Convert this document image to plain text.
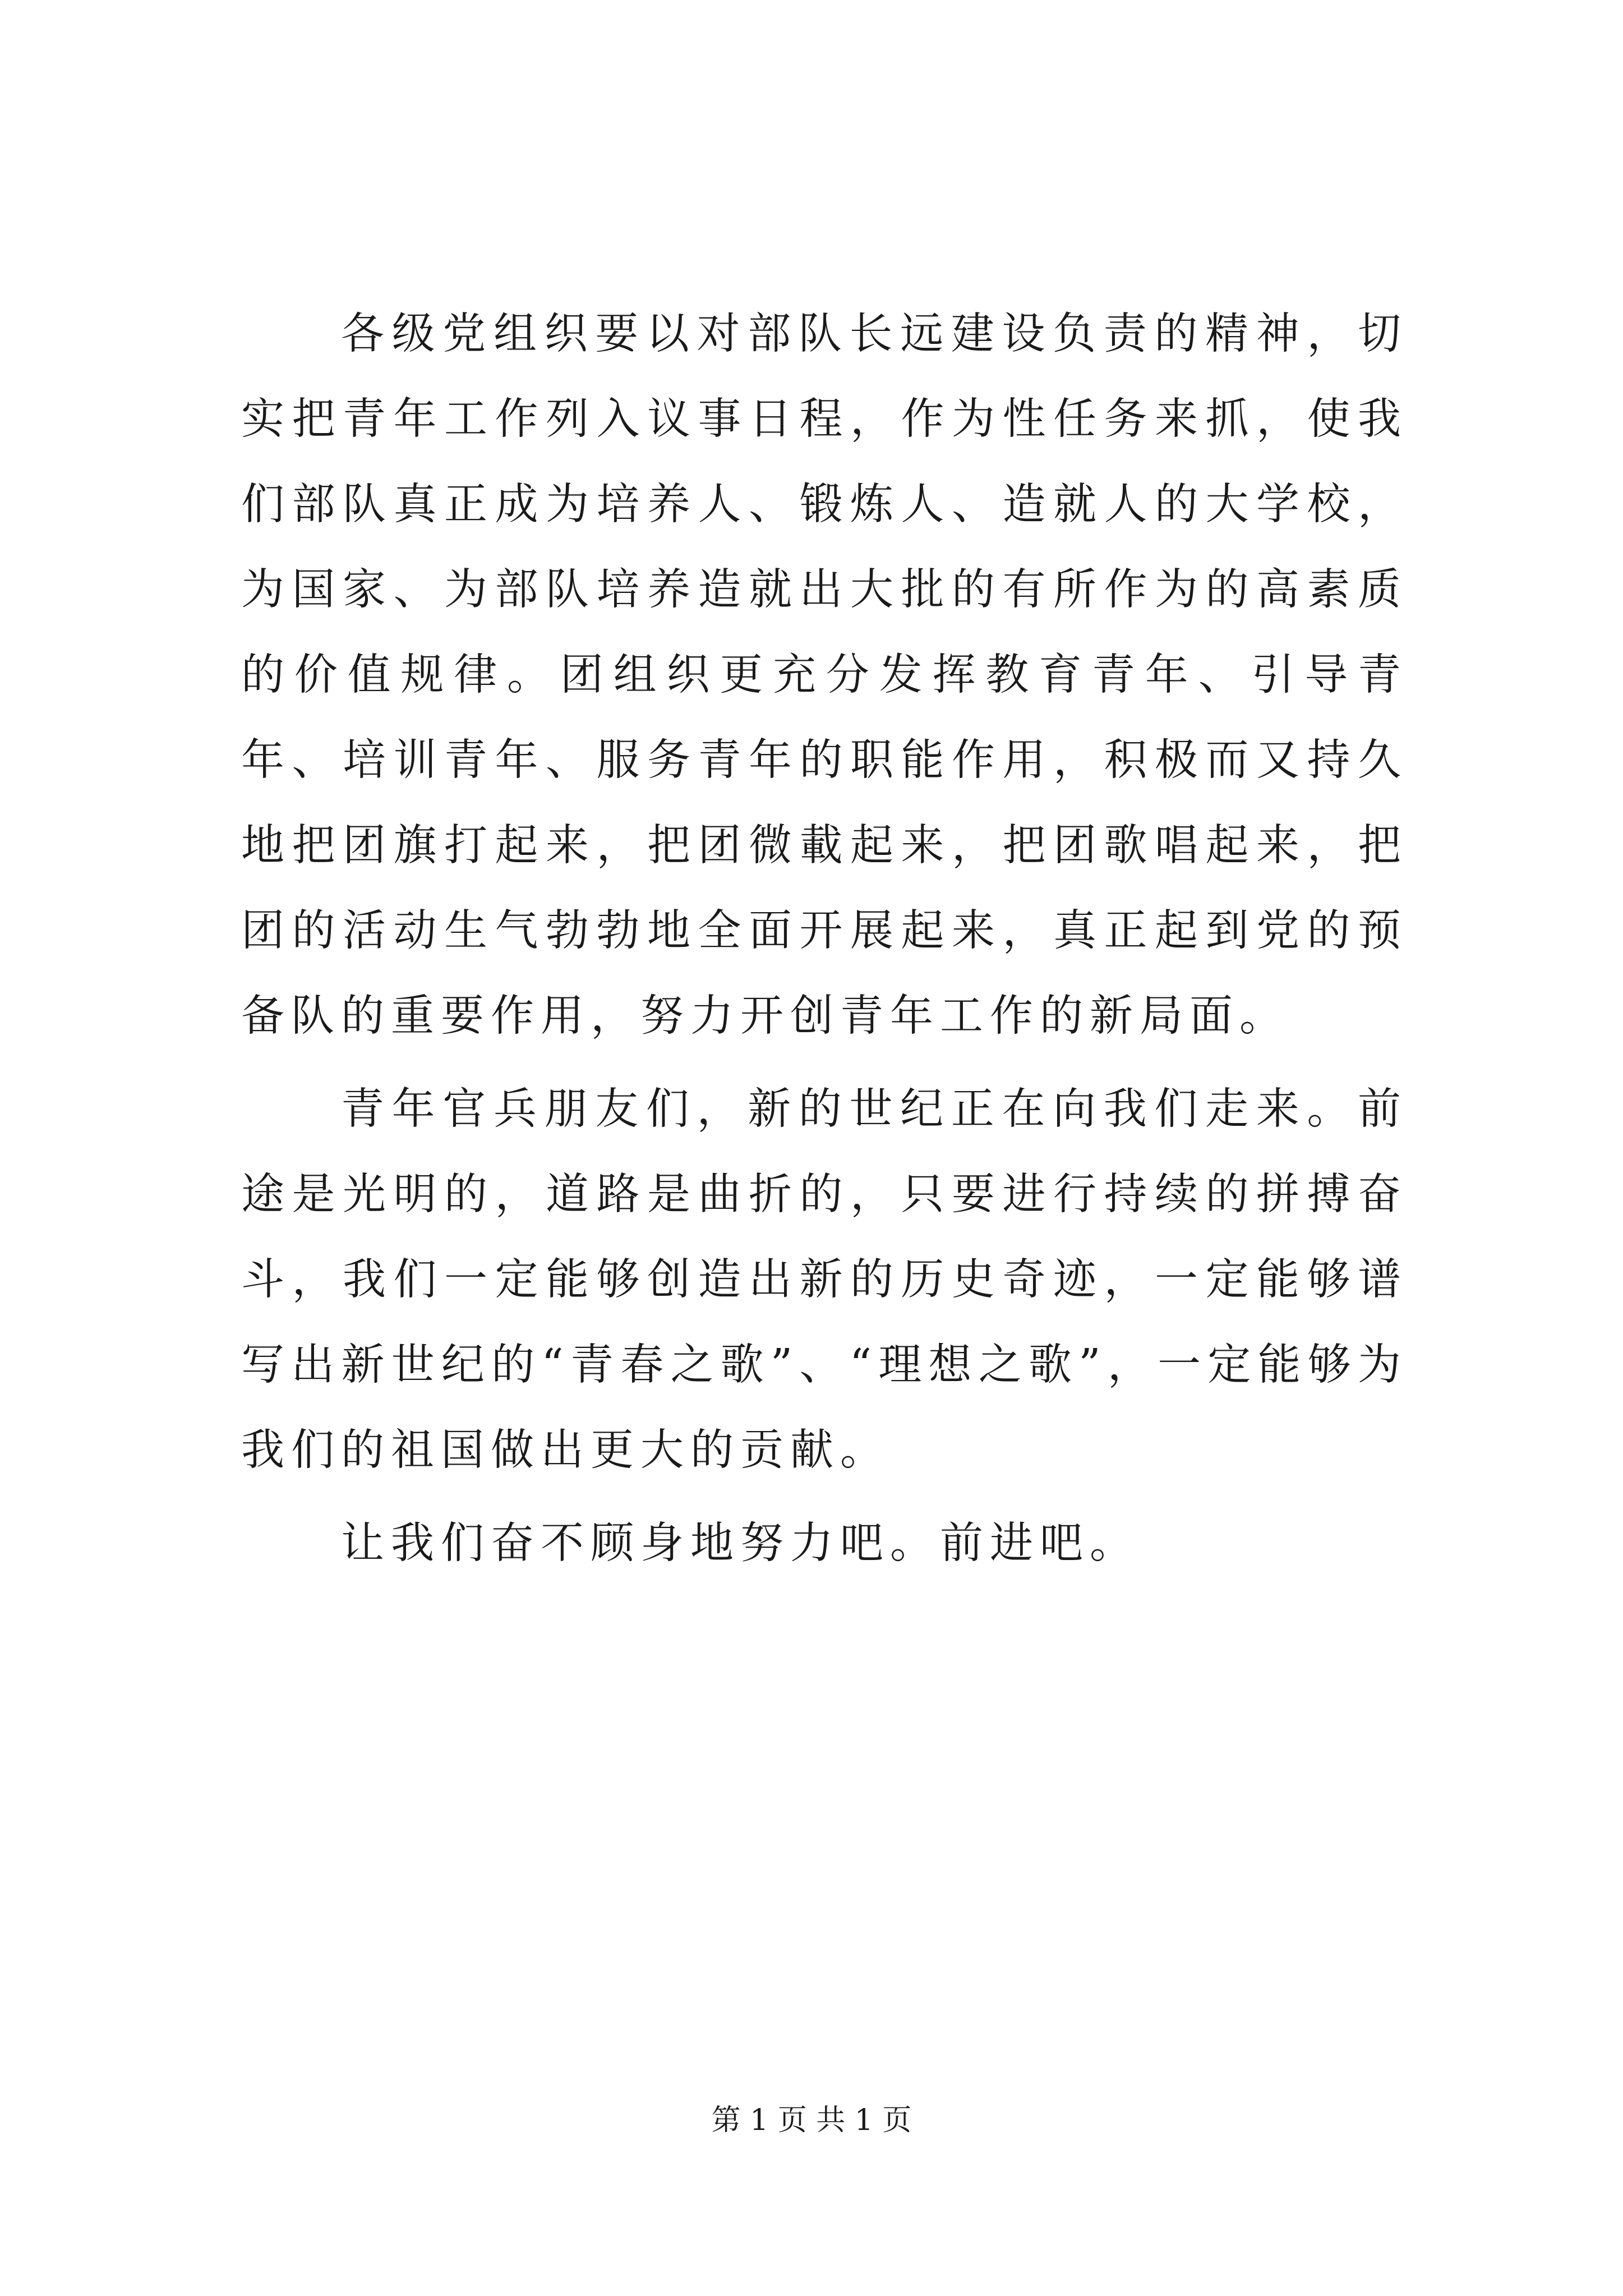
各级党组织要以对部队长远建设负责的精神，切实把青年工作列入议事日程，作为性任务来抓，使我们部队真正成为培养人、锻炼人、造就人的大学校，为国家、为部队培养造就出大批的有所作为的高素质的价值规律。团组织更充分发挥教育青年、引导青年、培训青年、服务青年的职能作用，积极而又持久地把团旗打起来，把团微載起来，把团歌唱起来，把团的活动生气勃勃地全面开展起来，真正起到党的预备队的重要作用，努力开创青年工作的新局面。

青年官兵朋友们，新的世纪正在向我们走来。前途是光明的，道路是曲折的，只要进行持续的拼搏奋斗，我们一定能够创造出新的历史奇迹，一定能够谱写出新世纪的“青春之歌”、“理想之歌”，一定能够为我们的祖国做出更大的贡献。

让我们奋不顾身地努力吧。前进吧。

第 1 页 共 1 页
